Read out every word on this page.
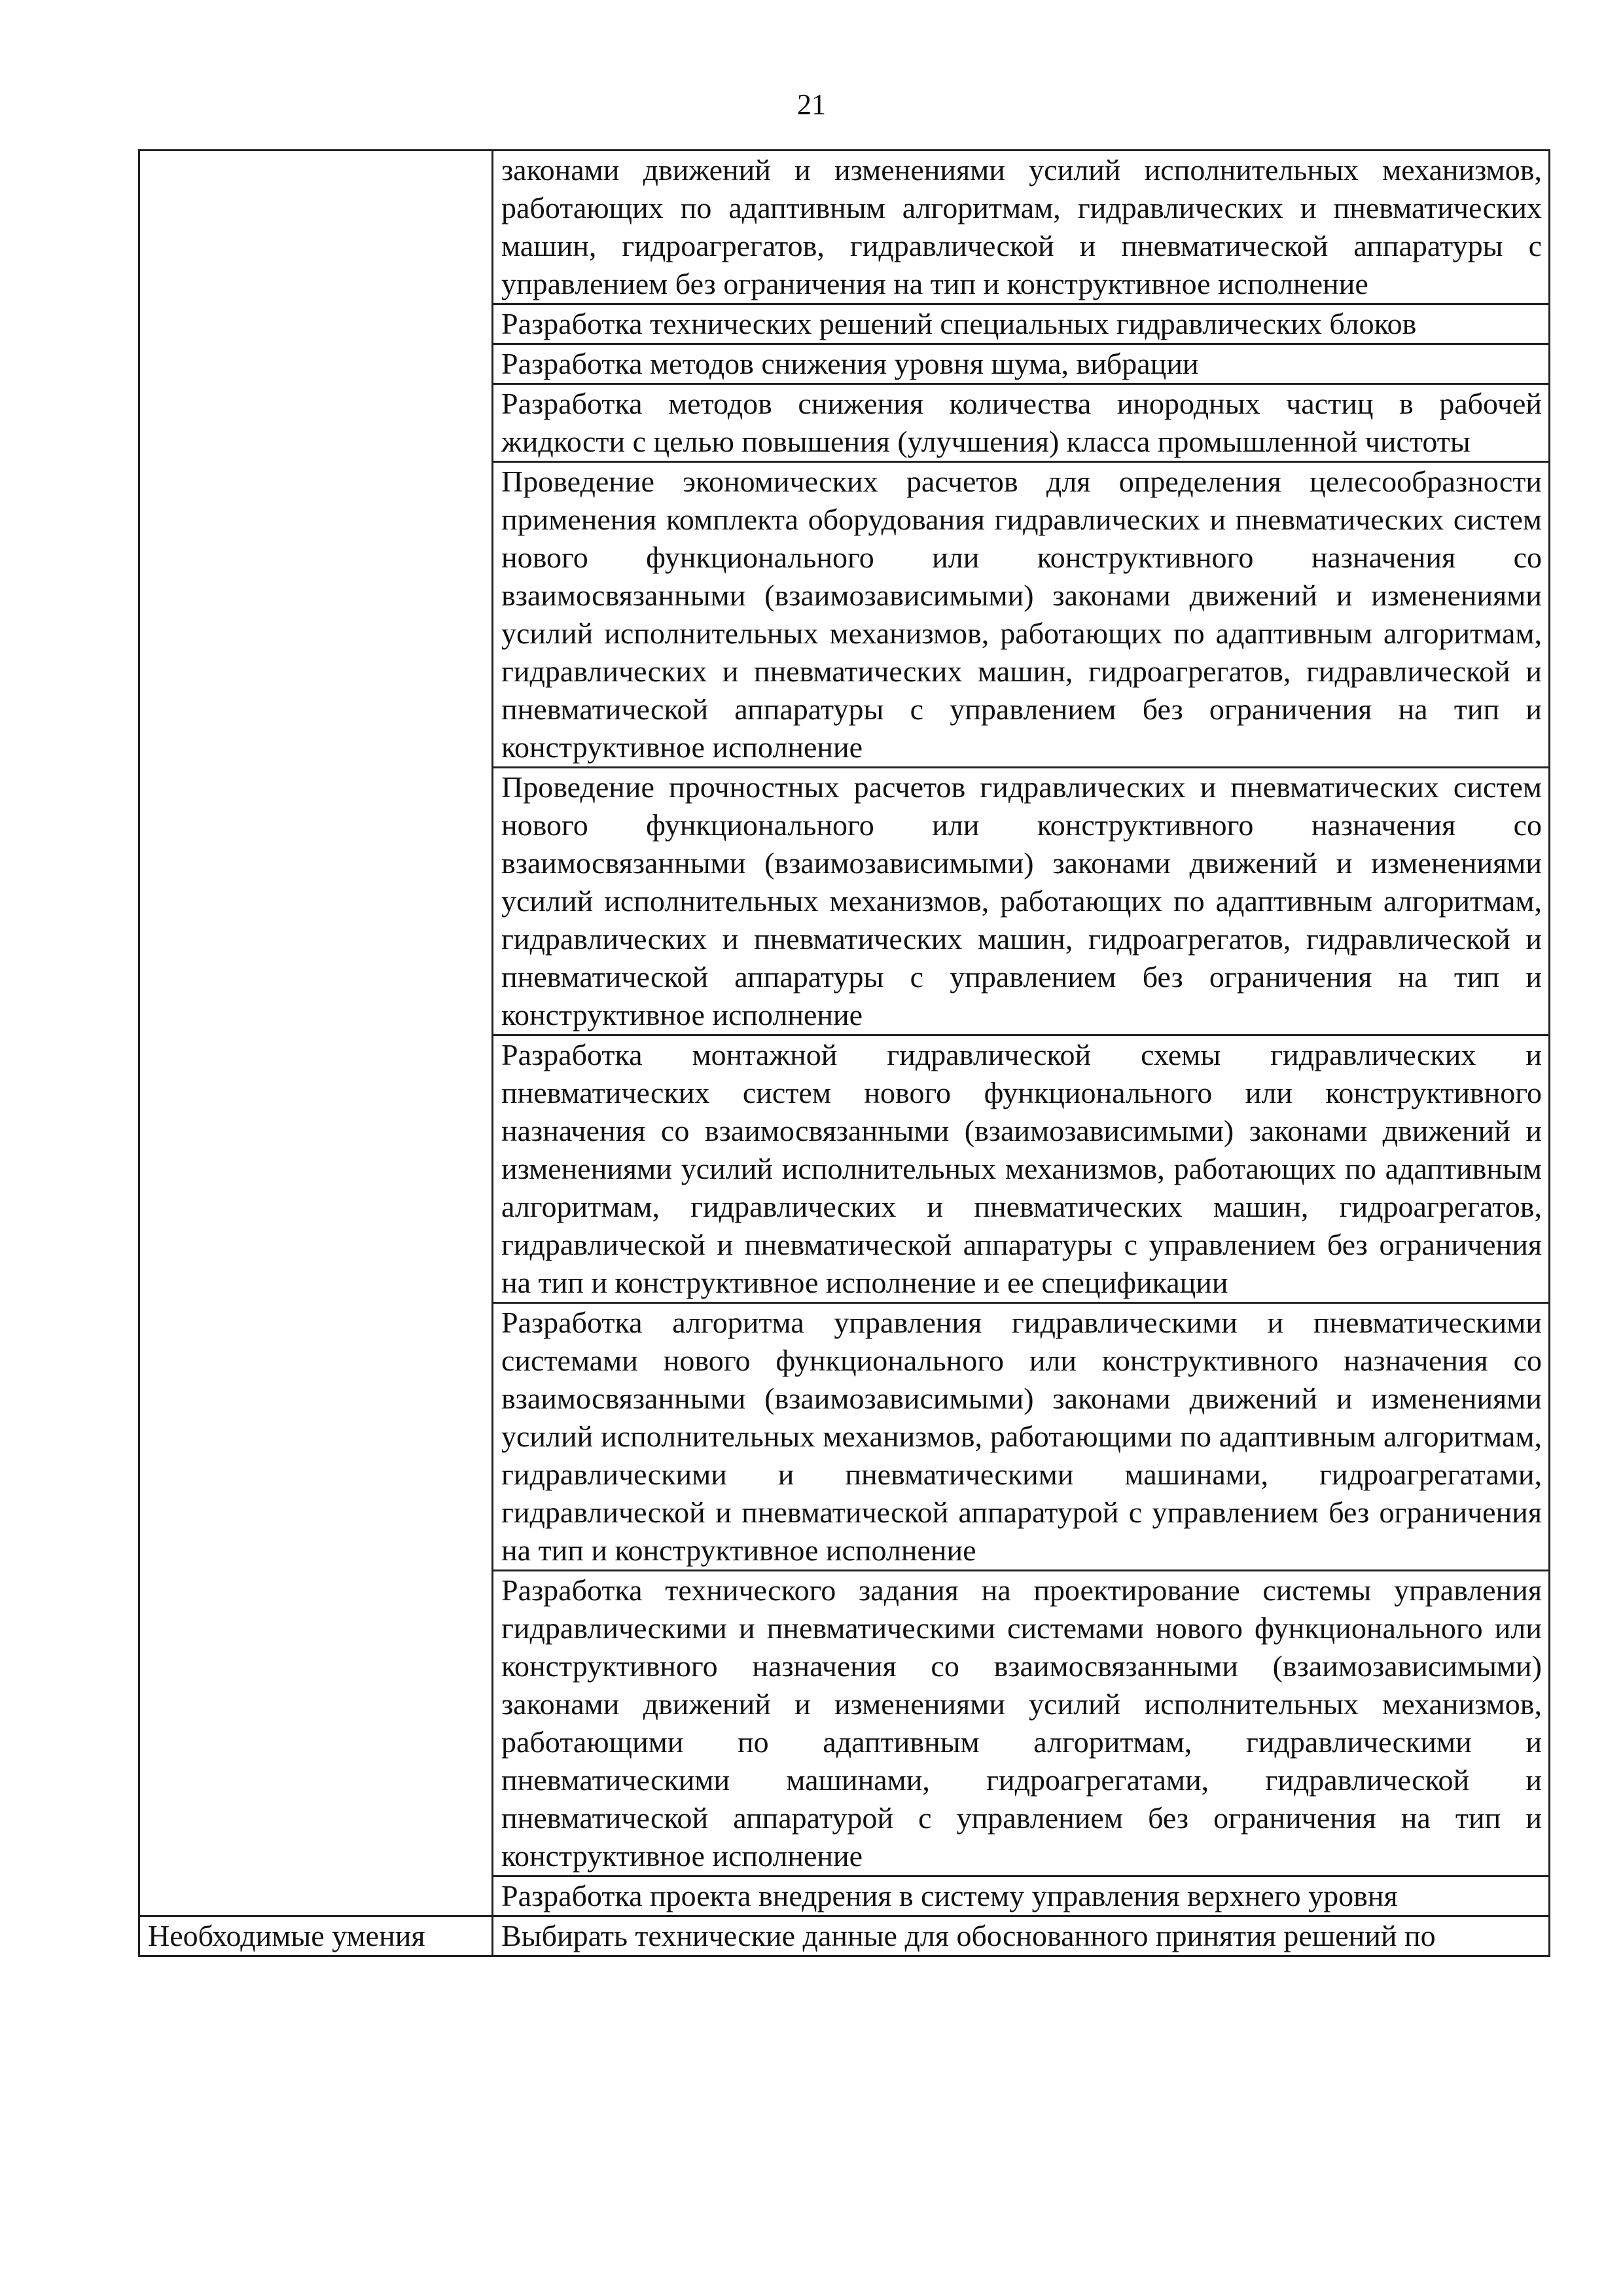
21
	законами движений и изменениями усилий исполнительных механизмов, работающих по адаптивным алгоритмам, гидравлических и пневматических машин, гидроагрегатов, гидравлической и пневматической аппаратуры с управлением без ограничения на тип и конструктивное исполнение
	Разработка технических решений специальных гидравлических блоков
	Разработка методов снижения уровня шума, вибрации
	Разработка методов снижения количества инородных частиц в рабочей жидкости с целью повышения (улучшения) класса промышленной чистоты
	Проведение экономических расчетов для определения целесообразности применения комплекта оборудования гидравлических и пневматических систем нового функционального или конструктивного назначения со взаимосвязанными (взаимозависимыми) законами движений и изменениями усилий исполнительных механизмов, работающих по адаптивным алгоритмам, гидравлических и пневматических машин, гидроагрегатов, гидравлической и пневматической аппаратуры с управлением без ограничения на тип и конструктивное исполнение
	Проведение прочностных расчетов гидравлических и пневматических систем нового функционального или конструктивного назначения со взаимосвязанными (взаимозависимыми) законами движений и изменениями усилий исполнительных механизмов, работающих по адаптивным алгоритмам, гидравлических и пневматических машин, гидроагрегатов, гидравлической и пневматической аппаратуры с управлением без ограничения на тип и конструктивное исполнение
	Разработка монтажной гидравлической схемы гидравлических и пневматических систем нового функционального или конструктивного назначения со взаимосвязанными (взаимозависимыми) законами движений и изменениями усилий исполнительных механизмов, работающих по адаптивным алгоритмам, гидравлических и пневматических машин, гидроагрегатов, гидравлической и пневматической аппаратуры с управлением без ограничения на тип и конструктивное исполнение и ее спецификации
	Разработка алгоритма управления гидравлическими и пневматическими системами нового функционального или конструктивного назначения со взаимосвязанными (взаимозависимыми) законами движений и изменениями усилий исполнительных механизмов, работающими по адаптивным алгоритмам, гидравлическими и пневматическими машинами, гидроагрегатами, гидравлической и пневматической аппаратурой с управлением без ограничения на тип и конструктивное исполнение
	Разработка технического задания на проектирование системы управления гидравлическими и пневматическими системами нового функционального или конструктивного назначения со взаимосвязанными (взаимозависимыми) законами движений и изменениями усилий исполнительных механизмов, работающими по адаптивным алгоритмам, гидравлическими и пневматическими машинами, гидроагрегатами, гидравлической и пневматической аппаратурой с управлением без ограничения на тип и конструктивное исполнение
	Разработка проекта внедрения в систему управления верхнего уровня
Необходимые умения	Выбирать технические данные для обоснованного принятия решений по
